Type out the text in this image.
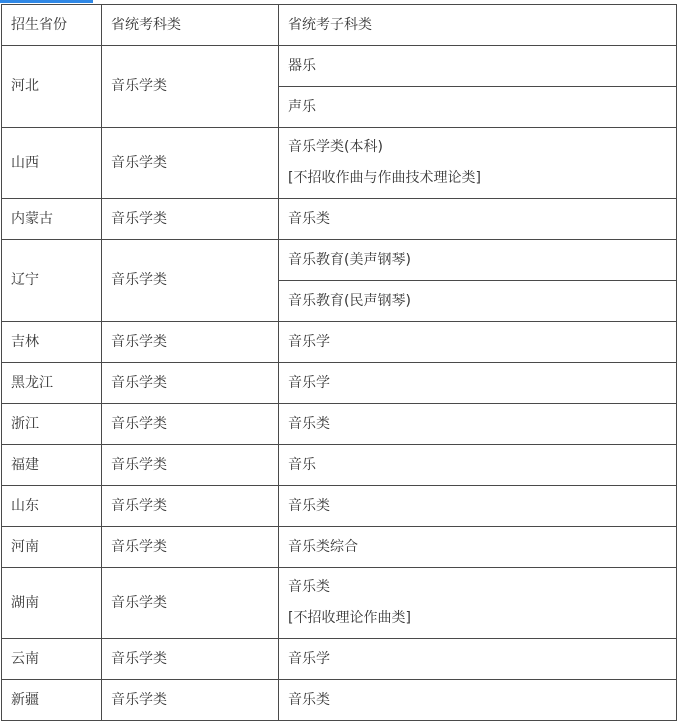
招生省份	省统考科类	省统考子科类
河北	音乐学类	器乐
		声乐
山西	音乐学类	音乐学类(本科)
[不招收作曲与作曲技术理论类]

内蒙古	音乐学类	音乐类
辽宁	音乐学类	音乐教育(美声钢琴)
		音乐教育(民声钢琴)
吉林	音乐学类	音乐学
黑龙江	音乐学类	音乐学
浙江	音乐学类	音乐类
福建	音乐学类	音乐
山东	音乐学类	音乐类
河南	音乐学类	音乐类综合
湖南	音乐学类	音乐类
[不招收理论作曲类]

云南	音乐学类	音乐学
新疆	音乐学类	音乐类
